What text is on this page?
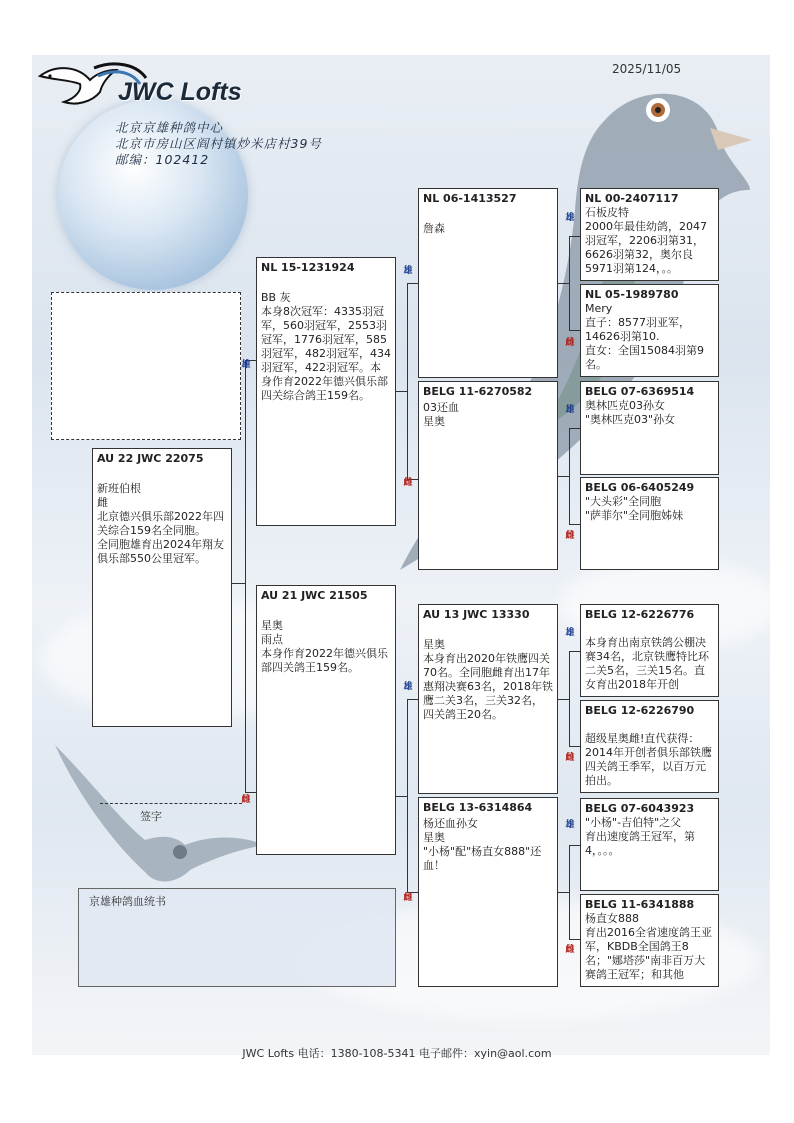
JWC Lofts
2025/11/05
北京京雄种鸽中心
北京市房山区阎村镇炒米店村39号
邮编：102412
雄
雌
雄
雌
雄
雌
雄
雌
雄
雌
雄
雌
雄
雌
AU 22 JWC 22075

新班伯根
雌
北京德兴俱乐部2022年四关综合159名全同胞。
全同胞雄育出2024年翔友俱乐部550公里冠军。
NL 15-1231924

BB 灰
本身8次冠军：4335羽冠军，560羽冠军，2553羽冠军，1776羽冠军，585羽冠军，482羽冠军，434羽冠军，422羽冠军。本身作育2022年德兴俱乐部四关综合鸽王159名。
AU 21 JWC 21505

星奥
雨点
本身作育2022年德兴俱乐部四关鸽王159名。
NL 06-1413527

詹森
BELG 11-6270582
03还血
星奥
AU 13 JWC 13330

星奥
本身育出2020年铁鹰四关70名。全同胞雌育出17年惠翔决赛63名，2018年铁鹰二关3名，三关32名，四关鸽王20名。
BELG 13-6314864
杨还血孙女
星奥
"小杨"配"杨直女888"还血！
NL 00-2407117
石板皮特
2000年最佳幼鸽，2047羽冠军，2206羽第31，6626羽第32，奥尔良5971羽第124，。。
NL 05-1989780
Mery
直子：8577羽亚军，14626羽第10.
直女：全国15084羽第9名。
BELG 07-6369514
奥林匹克03孙女
"奥林匹克03"孙女
BELG 06-6405249
"大头彩"全同胞
"萨菲尔"全同胞姊妹
BELG 12-6226776

本身育出南京铁鸽公棚决赛34名，北京铁鹰特比环二关5名，三关15名。直女育出2018年开创
BELG 12-6226790

超级星奥雌!直代获得：2014年开创者俱乐部铁鹰四关鸽王季军，以百万元拍出。
BELG 07-6043923
"小杨"-吉伯特"之父
育出速度鸽王冠军，第4，。。。
BELG 11-6341888
杨直女888
育出2016全省速度鸽王亚军，KBDB全国鸽王8名；"娜塔莎"南非百万大赛鸽王冠军；和其他
签字
京雄种鸽血统书
JWC Lofts 电话：1380-108-5341 电子邮件：xyin@aol.com
